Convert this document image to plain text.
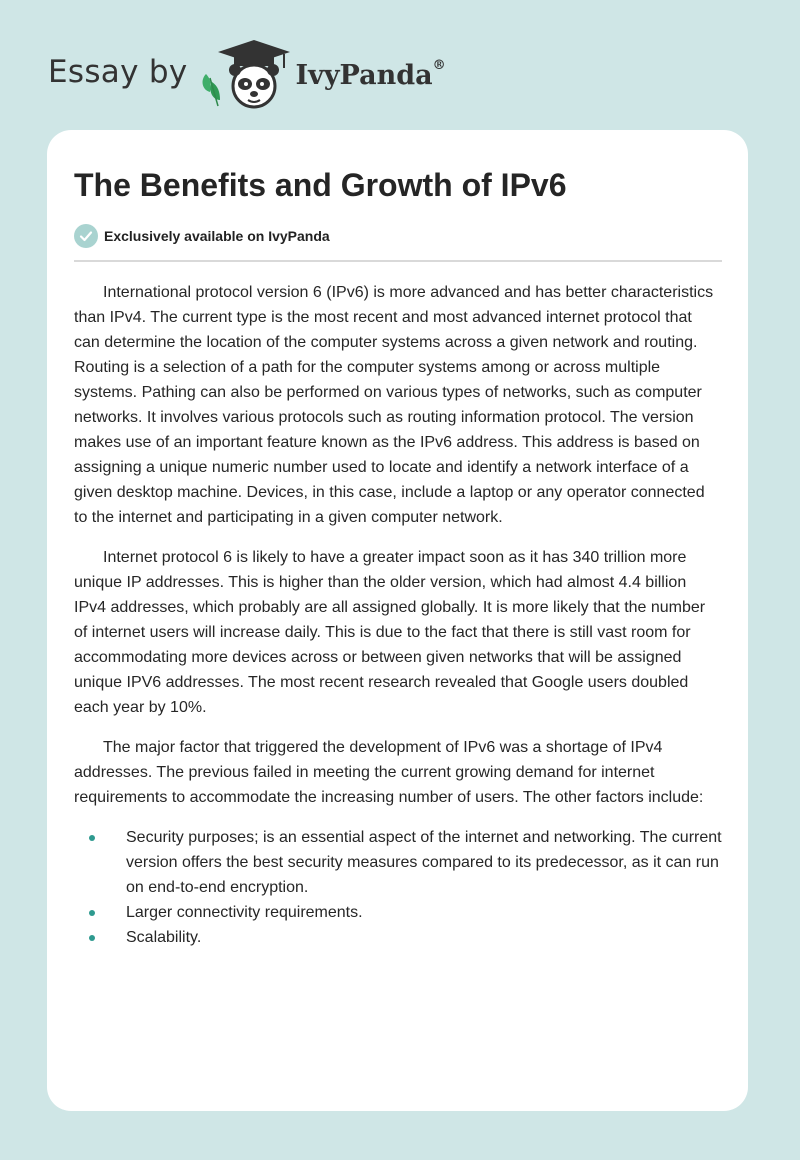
Essay by	IvyPanda®
The Benefits and Growth of IPv6
Exclusively available on IvyPanda

International protocol version 6 (IPv6) is more advanced and has better characteristics than IPv4. The current type is the most recent and most advanced internet protocol that can determine the location of the computer systems across a given network and routing. Routing is a selection of a path for the computer systems among or across multiple systems. Pathing can also be performed on various types of networks, such as computer networks. It involves various protocols such as routing information protocol. The version makes use of an important feature known as the IPv6 address. This address is based on assigning a unique numeric number used to locate and identify a network interface of a given desktop machine. Devices, in this case, include a laptop or any operator connected to the internet and participating in a given computer network.

Internet protocol 6 is likely to have a greater impact soon as it has 340 trillion more unique IP addresses. This is higher than the older version, which had almost 4.4 billion IPv4 addresses, which probably are all assigned globally. It is more likely that the number of internet users will increase daily. This is due to the fact that there is still vast room for accommodating more devices across or between given networks that will be assigned unique IPV6 addresses. The most recent research revealed that Google users doubled each year by 10%.

The major factor that triggered the development of IPv6 was a shortage of IPv4 addresses. The previous failed in meeting the current growing demand for internet requirements to accommodate the increasing number of users. The other factors include:

Security purposes; is an essential aspect of the internet and networking. The current version offers the best security measures compared to its predecessor, as it can run on end-to-end encryption.
Larger connectivity requirements.
Scalability.
